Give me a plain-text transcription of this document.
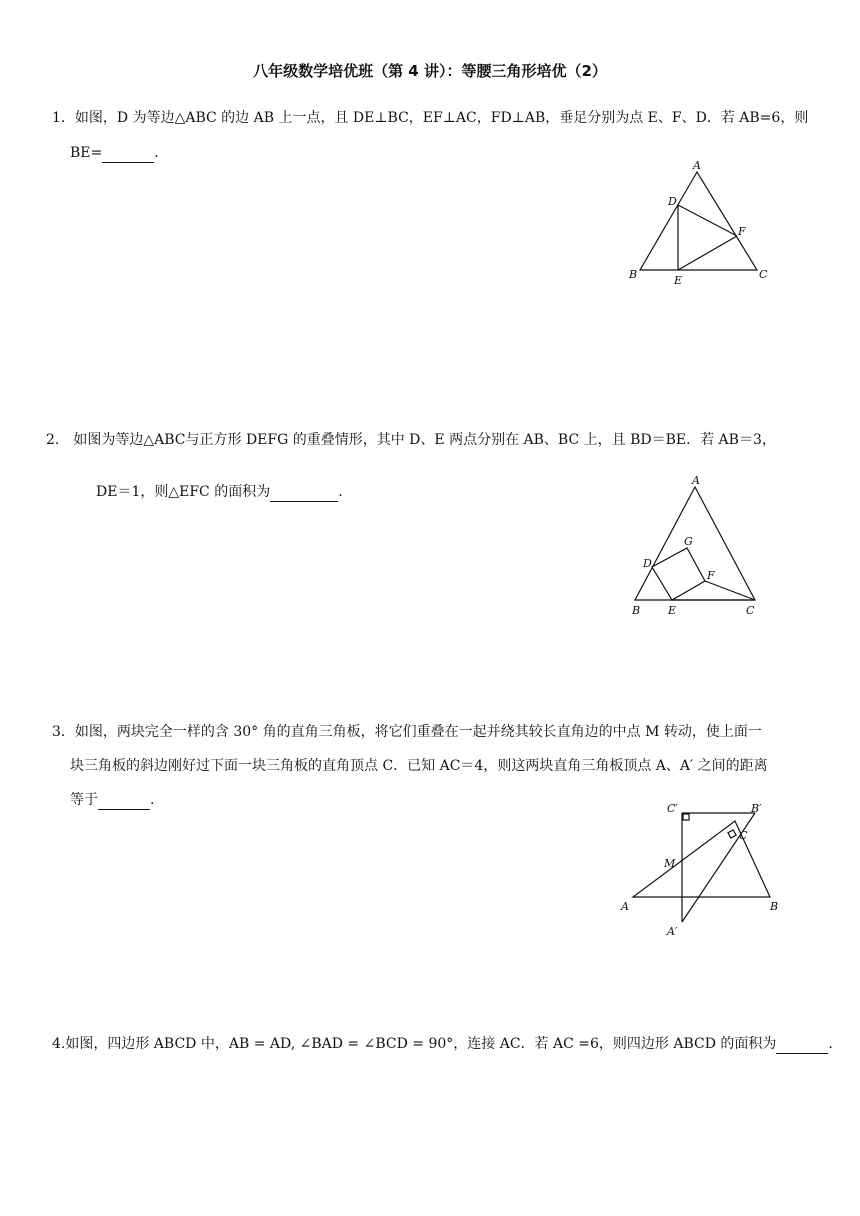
八年级数学培优班（第 4 讲）：等腰三角形培优（2）
1．如图，D 为等边△ABC 的边 AB 上一点，且 DE⊥BC，EF⊥AC，FD⊥AB，垂足分别为点 E、F、D．若 AB=6，则
BE=	.
A
B	C
D
E
F
2. 如图为等边△ABC与正方形 DEFG 的重叠情形，其中 D、E 两点分别在 AB、BC 上，且 BD＝BE．若 AB＝3，
DE＝1，则△EFC 的面积为	.
A
B	C
D
E
F
G
3．如图，两块完全一样的含 30° 角的直角三角板，将它们重叠在一起并绕其较长直角边的中点 M 转动，使上面一
块三角板的斜边刚好过下面一块三角板的直角顶点 C．已知 AC＝4，则这两块直角三角板顶点 A、A′ 之间的距离
等于	.
C′	B′
C
M
A	B
A′
4.如图，四边形 ABCD 中，AB = AD, ∠BAD = ∠BCD = 90°，连接 AC．若 AC =6，则四边形 ABCD 的面积为	.
